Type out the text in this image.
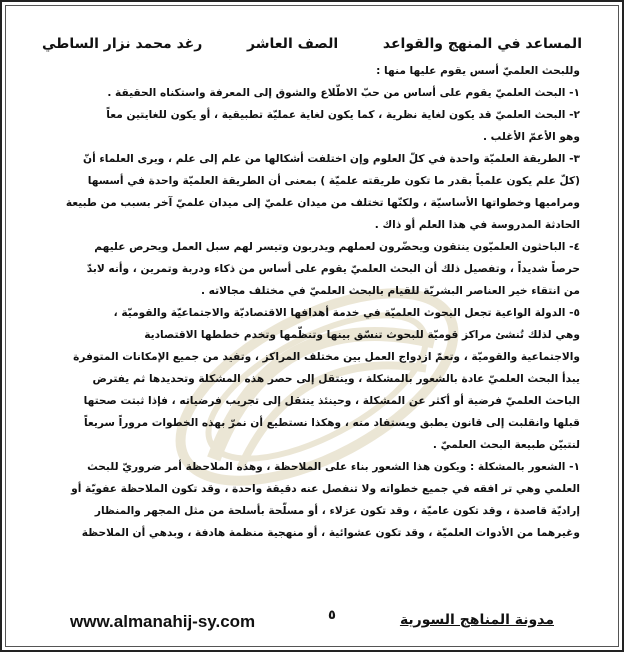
المساعد في المنهج والقواعد
الصف العاشر
رغد محمد نزار الساطي
وللبحث العلميّ أسس يقوم عليها منها :
١- البحث العلميّ يقوم على أساس من حبّ الاطّلاع والشوق إلى المعرفة واستكناه الحقيقة .
٢- البحث العلميّ قد يكون لغاية نظرية ، كما يكون لغاية عمليّة تطبيقية ، أو يكون للغايتين معاً
وهو الأعمّ الأغلب .
٣- الطريقة العلميّة واحدة في كلّ العلوم وإن اختلفت أشكالها من علم إلى علم ، ويرى العلماء أنّ
(كلّ علم يكون علمياً بقدر ما تكون طريقته علميّة ) بمعنى أن الطريقة العلميّة واحدة في أسسها
ومراميها وخطواتها الأساسيّة ، ولكنّها تختلف من ميدان علميّ إلى ميدان علميّ آخر بسبب من طبيعة
الحادثة المدروسة في هذا العلم أو ذاك .
٤- الباحثون العلميّون ينتقون ويحضّرون لعملهم ويدربون وتيسر لهم سبل العمل ويحرص عليهم
حرصاً شديداً ، وتفصيل ذلك أن البحث العلميّ يقوم على أساس من ذكاء ودربة وتمرين ، وأنه لابدّ
من انتقاء خير العناصر البشريّة للقيام بالبحث العلميّ في مختلف مجالاته .
٥- الدولة الواعية تجعل البحوث العلميّة في خدمة أهدافها الاقتصاديّة والاجتماعيّة والقوميّة ،
وهي لذلك تُنشئ مراكز قوميّة للبحوث تنسّق بينها وتنظّمها وتخدم خططها الاقتصادية
والاجتماعية والقوميّة ، وتعمّ ازدواج العمل بين مختلف المراكز ، وتفيد من جميع الإمكانات المتوفرة
يبدأ البحث العلميّ عادة بالشعور بالمشكلة ، وينتقل إلى حصر هذه المشكلة وتحديدها ثم يفترض
الباحث العلميّ فرضية أو أكثر عن المشكلة ، وحينئذ ينتقل إلى تجريب فرضياته ، فإذا ثبتت صحتها
قبلها وانقلبت إلى قانون يطبق ويستفاد منه ، وهكذا نستطيع أن نمرّ بهذه الخطوات مروراً سريعاً
لنتبيّن طبيعة البحث العلميّ .
١- الشعور بالمشكلة : ويكون هذا الشعور بناء على الملاحظة ، وهذه الملاحظة أمر ضروريّ للبحث
العلمي وهي تر افقه في جميع خطواته ولا تنفصل عنه دقيقة واحدة ، وقد تكون الملاحظة عفويّة أو
إراديّة قاصدة ، وقد تكون عاميّة ، وقد تكون عزلاء ، أو مسلّحة بأسلحة من مثل المجهر والمنظار
وغيرهما من الأدوات العلميّة ، وقد تكون عشوائية ، أو منهجية منظمة هادفة ، وبدهي أن الملاحظة
www.almanahij-sy.com	٥	مدونة المناهج السورية
